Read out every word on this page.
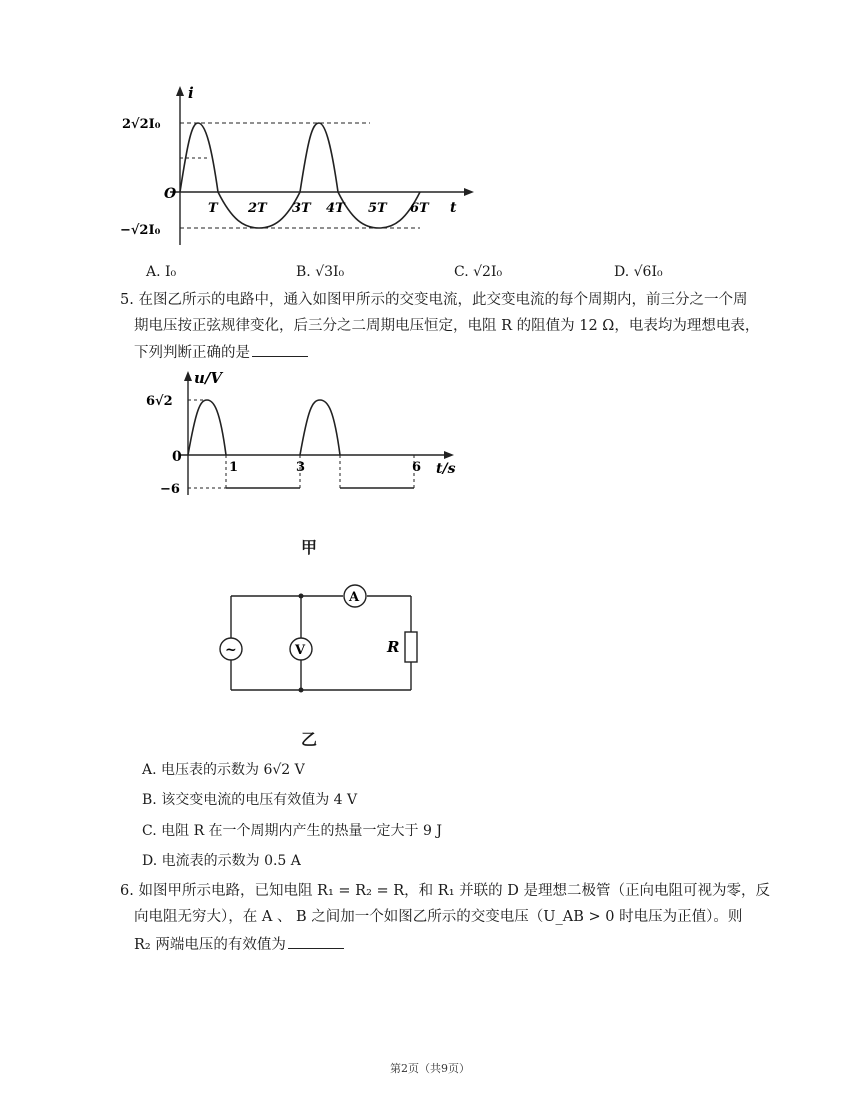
i
t
O
2√2I₀
−√2I₀
T 2T 3T 4T 5T 6T
A. I₀	B. √3I₀	C. √2I₀	D. √6I₀
5. 在图乙所示的电路中，通入如图甲所示的交变电流，此交变电流的每个周期内，前三分之一个周
期电压按正弦规律变化，后三分之二周期电压恒定，电阻 R 的阻值为 12 Ω，电表均为理想电表，
下列判断正确的是
u/V
t/s
0
6√2
−6
1	3	6
甲
~	V
A
R
乙
A. 电压表的示数为 6√2 V
B. 该交变电流的电压有效值为 4 V
C. 电阻 R 在一个周期内产生的热量一定大于 9 J
D. 电流表的示数为 0.5 A
6. 如图甲所示电路，已知电阻 R₁ = R₂ = R，和 R₁ 并联的 D 是理想二极管（正向电阻可视为零，反
向电阻无穷大），在 A 、 B 之间加一个如图乙所示的交变电压（U_AB > 0 时电压为正值）。则
R₂ 两端电压的有效值为
第2页（共9页）
